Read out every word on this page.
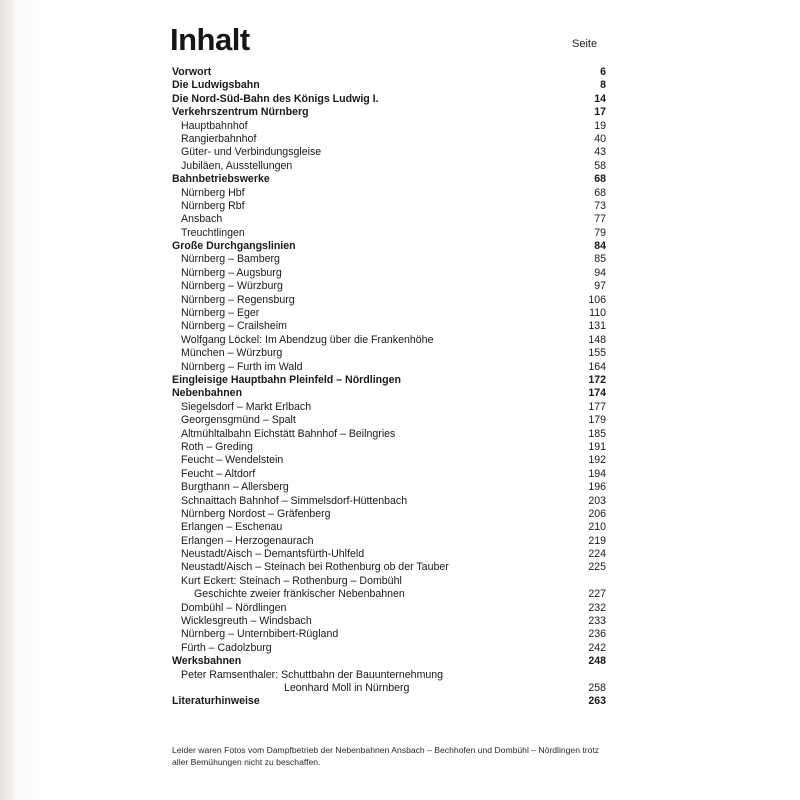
Inhalt	Seite
Vorwort	6
Die Ludwigsbahn	8
Die Nord-Süd-Bahn des Königs Ludwig I.	14
Verkehrszentrum Nürnberg	17
Hauptbahnhof	19
Rangierbahnhof	40
Güter- und Verbindungsgleise	43
Jubiläen, Ausstellungen	58
Bahnbetriebswerke	68
Nürnberg Hbf	68
Nürnberg Rbf	73
Ansbach	77
Treuchtlingen	79
Große Durchgangslinien	84
Nürnberg – Bamberg	85
Nürnberg – Augsburg	94
Nürnberg – Würzburg	97
Nürnberg – Regensburg	106
Nürnberg – Eger	110
Nürnberg – Crailsheim	131
Wolfgang Löckel: Im Abendzug über die Frankenhöhe	148
München – Würzburg	155
Nürnberg – Furth im Wald	164
Eingleisige Hauptbahn Pleinfeld – Nördlingen	172
Nebenbahnen	174
Siegelsdorf – Markt Erlbach	177
Georgensgmünd – Spalt	179
Altmühltalbahn Eichstätt Bahnhof – Beilngries	185
Roth – Greding	191
Feucht – Wendelstein	192
Feucht – Altdorf	194
Burgthann – Allersberg	196
Schnaittach Bahnhof – Simmelsdorf-Hüttenbach	203
Nürnberg Nordost – Gräfenberg	206
Erlangen – Eschenau	210
Erlangen – Herzogenaurach	219
Neustadt/Aisch – Demantsfürth-Uhlfeld	224
Neustadt/Aisch – Steinach bei Rothenburg ob der Tauber	225
Kurt Eckert: Steinach – Rothenburg – Dombühl
Geschichte zweier fränkischer Nebenbahnen	227
Dombühl – Nördlingen	232
Wicklesgreuth – Windsbach	233
Nürnberg – Unternbibert-Rügland	236
Fürth – Cadolzburg	242
Werksbahnen	248
Peter Ramsenthaler: Schuttbahn der Bauunternehmung
Leonhard Moll in Nürnberg	258
Literaturhinweise	263
Leider waren Fotos vom Dampfbetrieb der Nebenbahnen Ansbach – Bechhofen und Dombühl – Nördlingen trotz
aller Bemühungen nicht zu beschaffen.
